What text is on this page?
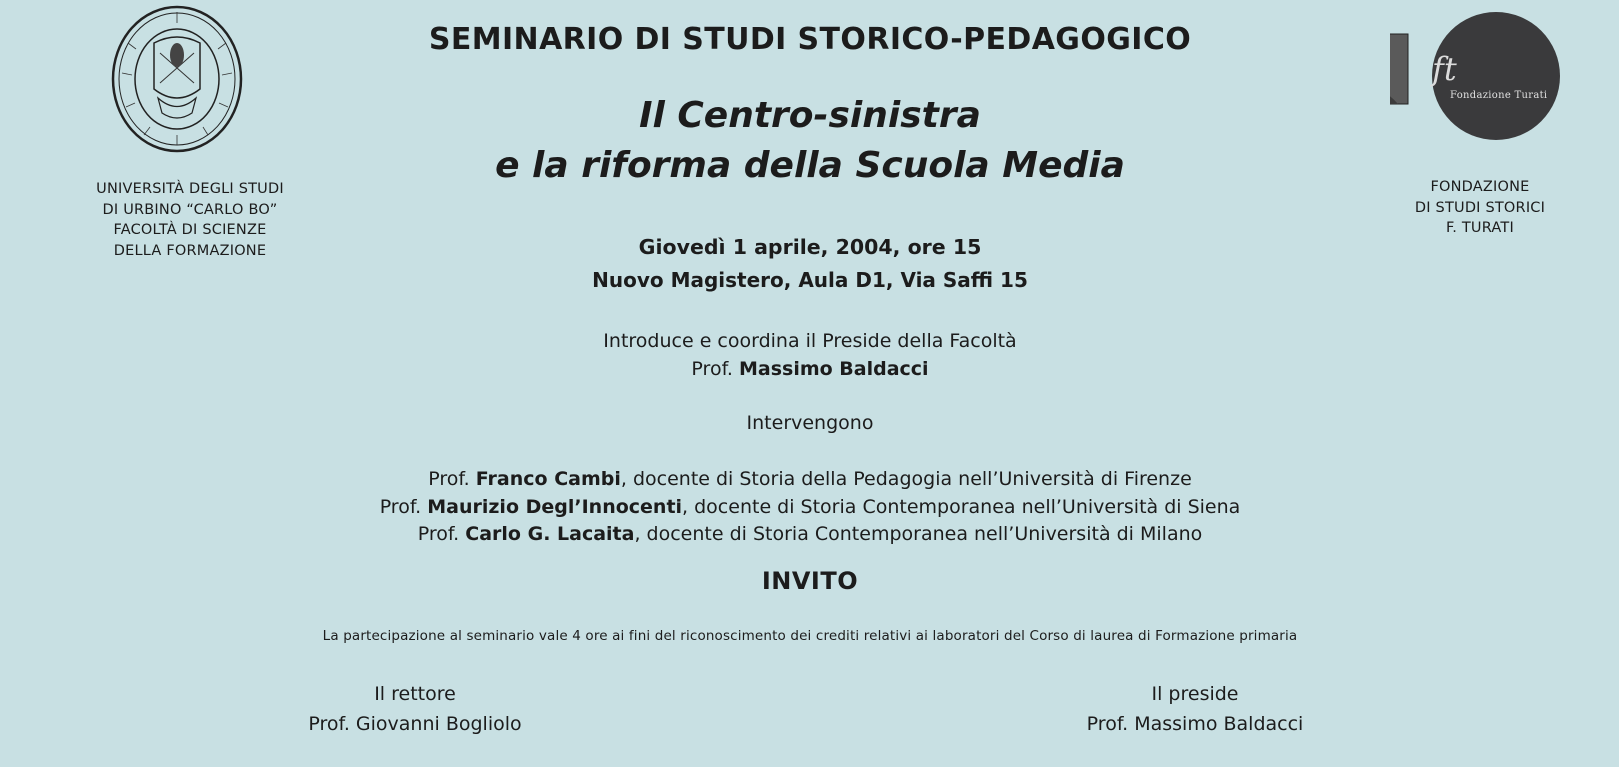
UNIVERSITÀ DEGLI STUDI
DI URBINO “CARLO BO”
FACOLTÀ DI SCIENZE
DELLA FORMAZIONE
ft
Fondazione Turati
FONDAZIONE
DI STUDI STORICI
F. TURATI
SEMINARIO DI STUDI STORICO-PEDAGOGICO
Il Centro-sinistra
e la riforma della Scuola Media
Giovedì 1 aprile, 2004, ore 15
Nuovo Magistero, Aula D1, Via Saffi 15
Introduce e coordina il Preside della Facoltà
Prof. Massimo Baldacci
Intervengono
Prof. Franco Cambi, docente di Storia della Pedagogia nell’Università di Firenze
Prof. Maurizio Degl’Innocenti, docente di Storia Contemporanea nell’Università di Siena
Prof. Carlo G. Lacaita, docente di Storia Contemporanea nell’Università di Milano
INVITO
La partecipazione al seminario vale 4 ore ai fini del riconoscimento dei crediti relativi ai laboratori del Corso di laurea di Formazione primaria
Il rettore
Prof. Giovanni Bogliolo
Il preside
Prof. Massimo Baldacci
